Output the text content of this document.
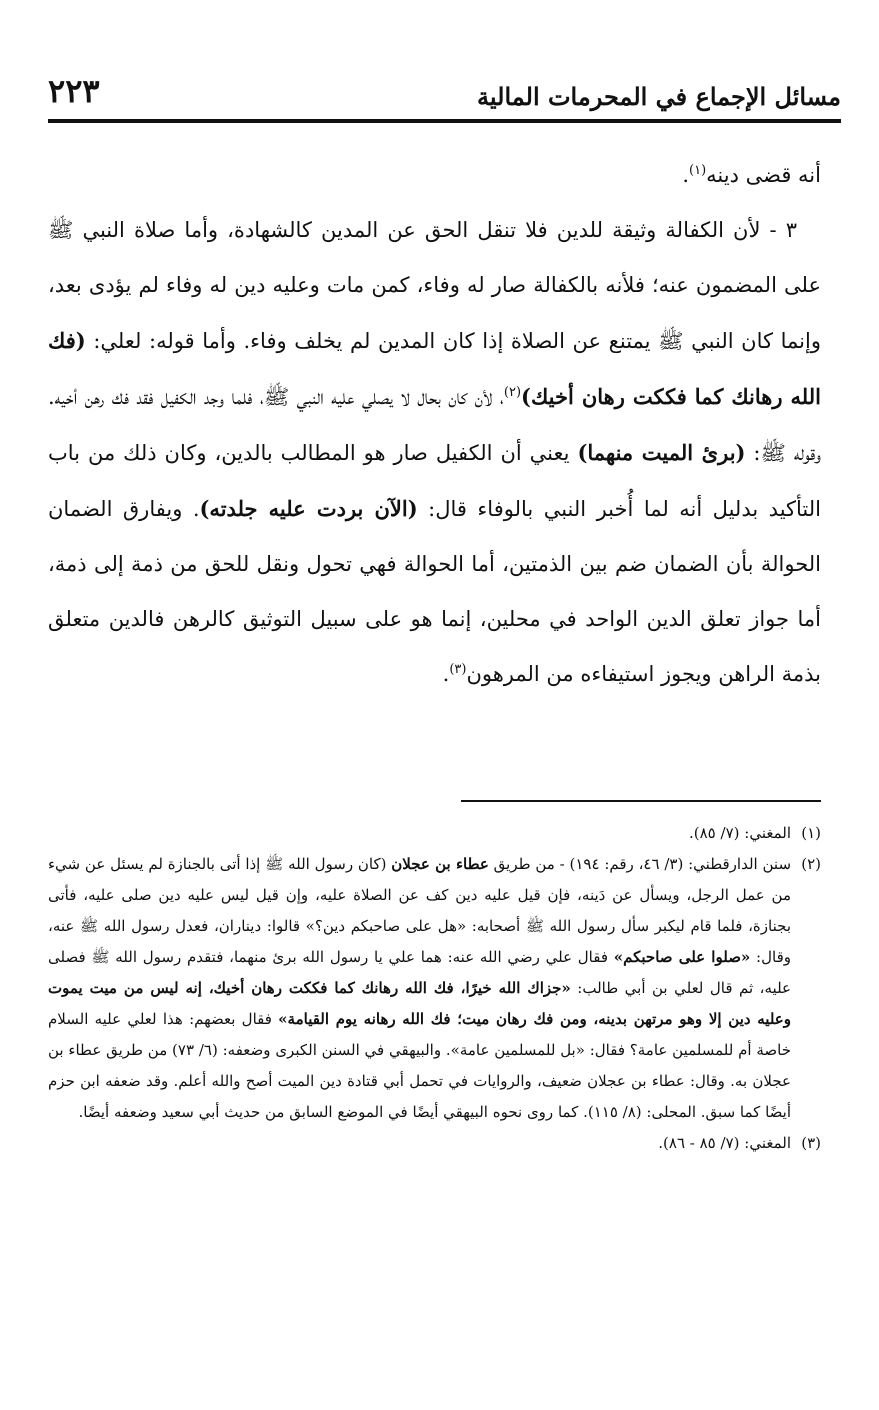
مسائل الإجماع في المحرمات المالية
٢٢٣

أنه قضى دينه$^{(١)}$.

٣ - لأن الكفالة وثيقة للدين فلا تنقل الحق عن المدين كالشهادة، وأما صلاة النبي ﷺ على المضمون عنه؛ فلأنه بالكفالة صار له وفاء، كمن مات وعليه دين له وفاء لم يؤدى بعد، وإنما كان النبي ﷺ يمتنع عن الصلاة إذا كان المدين لم يخلف وفاء. وأما قوله: لعلي: (فك الله رهانك كما فككت رهان أخيك)$^{(٢)}$، لأن كان بحال لا يصلي عليه النبي ﷺ، فلما وجد الكفيل فقد فك رهن أخيه. وقوله ﷺ: (برئ الميت منهما) يعني أن الكفيل صار هو المطالب بالدين، وكان ذلك من باب التأكيد بدليل أنه لما أُخبر النبي بالوفاء قال: (الآن بردت عليه جلدته). ويفارق الضمان الحوالة بأن الضمان ضم بين الذمتين، أما الحوالة فهي تحول ونقل للحق من ذمة إلى ذمة، أما جواز تعلق الدين الواحد في محلين، إنما هو على سبيل التوثيق كالرهن فالدين متعلق بذمة الراهن ويجوز استيفاءه من المرهون$^{(٣)}$.

(١)
المغني: (٧/ ٨٥).

(٢)
سنن الدارقطني: (٣/ ٤٦، رقم: ١٩٤) - من طريق عطاء بن عجلان (كان رسول الله ﷺ إذا أتى بالجنازة لم يسئل عن شيء من عمل الرجل، ويسأل عن دَينه، فإن قيل عليه دين كف عن الصلاة عليه، وإن قيل ليس عليه دين صلى عليه، فأتى بجنازة، فلما قام ليكبر سأل رسول الله ﷺ أصحابه: «هل على صاحبكم دين؟» قالوا: ديناران، فعدل رسول الله ﷺ عنه، وقال: «صلوا على صاحبكم» فقال علي رضي الله عنه: هما علي يا رسول الله برئ منهما، فتقدم رسول الله ﷺ فصلى عليه، ثم قال لعلي بن أبي طالب: «جزاك الله خيرًا، فك الله رهانك كما فككت رهان أخيك، إنه ليس من ميت يموت وعليه دين إلا وهو مرتهن بدينه، ومن فك رهان ميت؛ فك الله رهانه يوم القيامة» فقال بعضهم: هذا لعلي عليه السلام خاصة أم للمسلمين عامة؟ فقال: «بل للمسلمين عامة». والبيهقي في السنن الكبرى وضعفه: (٦/ ٧٣) من طريق عطاء بن عجلان به. وقال: عطاء بن عجلان ضعيف، والروايات في تحمل أبي قتادة دين الميت أصح والله أعلم. وقد ضعفه ابن حزم أيضًا كما سبق. المحلى: (٨/ ١١٥). كما روى نحوه البيهقي أيضًا في الموضع السابق من حديث أبي سعيد وضعفه أيضًا.

(٣)
المغني: (٧/ ٨٥ - ٨٦).
